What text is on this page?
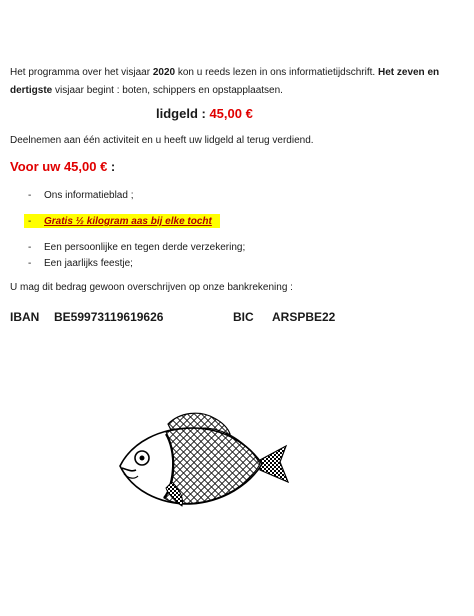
Het programma over het visjaar 2020 kon u reeds lezen in ons informatietijdschrift. Het zeven en dertigste visjaar begint : boten, schippers en opstapplaatsen.
lidgeld : 45,00 €
Deelnemen aan één activiteit en u heeft uw lidgeld al terug verdiend.
Voor uw 45,00 € :
- Ons informatieblad ;
- Gratis ½ kilogram aas bij elke tocht
- Een persoonlijke en tegen derde verzekering;
- Een jaarlijks feestje;
U mag dit bedrag gewoon overschrijven op onze bankrekening :
IBAN BE59973119619626	BIC ARSPBE22
